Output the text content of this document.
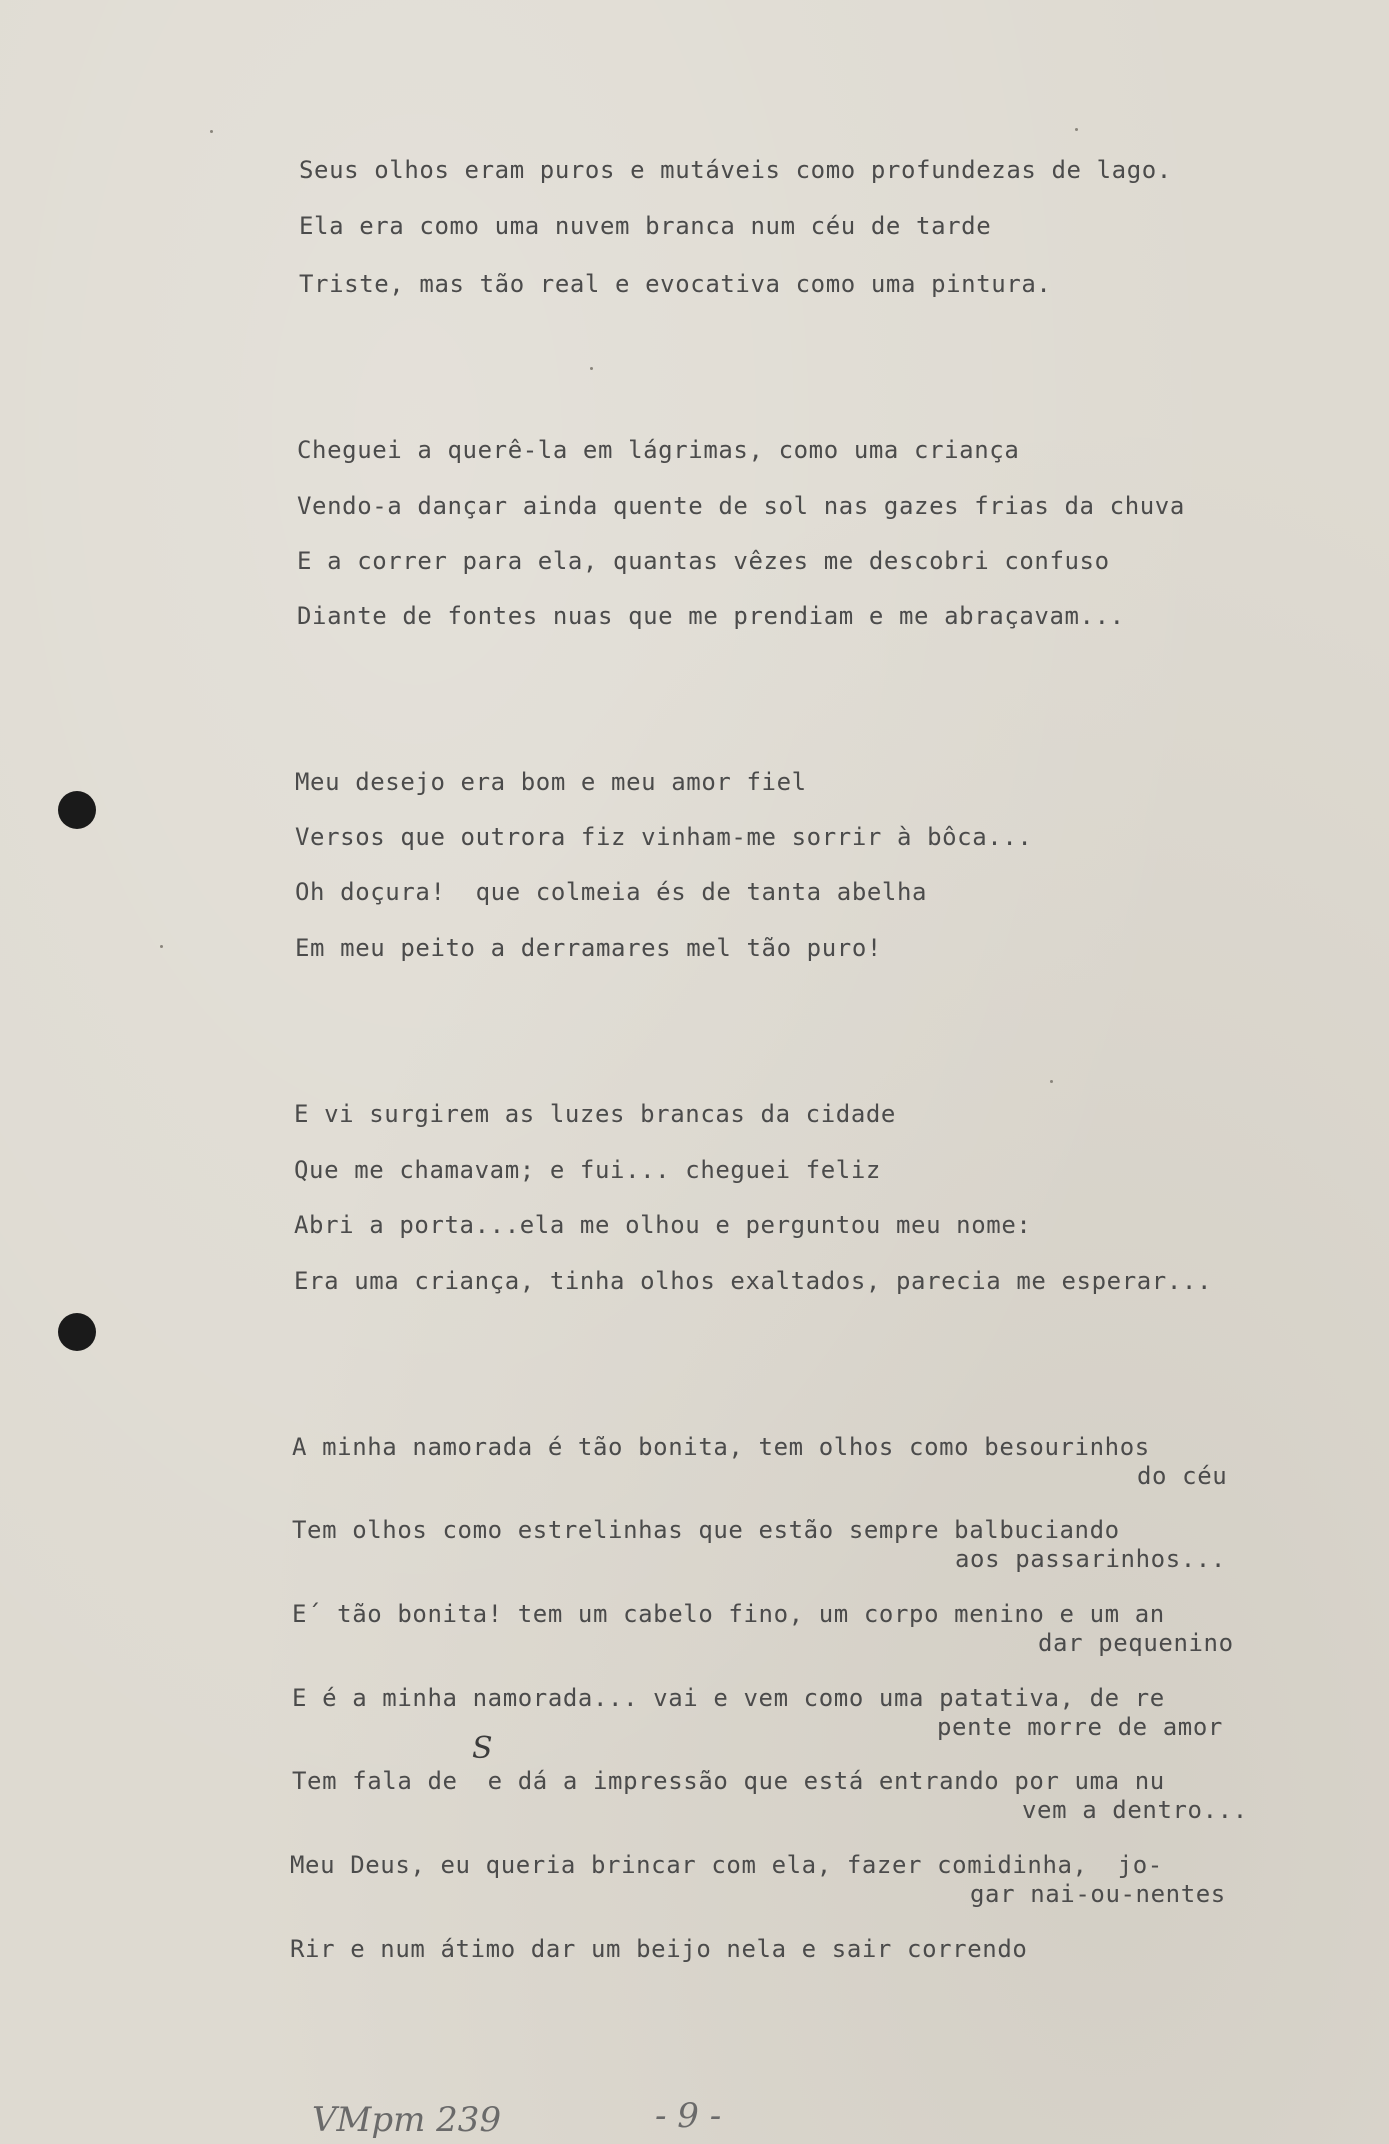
Seus olhos eram puros e mutáveis como profundezas de lago.
Ela era como uma nuvem branca num céu de tarde
Triste, mas tão real e evocativa como uma pintura.
Cheguei a querê-la em lágrimas, como uma criança
Vendo-a dançar ainda quente de sol nas gazes frias da chuva
E a correr para ela, quantas vêzes me descobri confuso
Diante de fontes nuas que me prendiam e me abraçavam...
Meu desejo era bom e meu amor fiel
Versos que outrora fiz vinham-me sorrir à bôca...
Oh doçura!  que colmeia és de tanta abelha
Em meu peito a derramares mel tão puro!
E vi surgirem as luzes brancas da cidade
Que me chamavam; e fui... cheguei feliz
Abri a porta...ela me olhou e perguntou meu nome:
Era uma criança, tinha olhos exaltados, parecia me esperar...
A minha namorada é tão bonita, tem olhos como besourinhos
do céu
Tem olhos como estrelinhas que estão sempre balbuciando
aos passarinhos...
E´ tão bonita! tem um cabelo fino, um corpo menino e um an
dar pequenino
E é a minha namorada... vai e vem como uma patativa, de re
pente morre de amor
Tem fala de  e dá a impressão que está entrando por uma nu
S
vem a dentro...
Meu Deus, eu queria brincar com ela, fazer comidinha,  jo-
gar nai-ou-nentes
Rir e num átimo dar um beijo nela e sair correndo
VMpm 239	- 9 -
